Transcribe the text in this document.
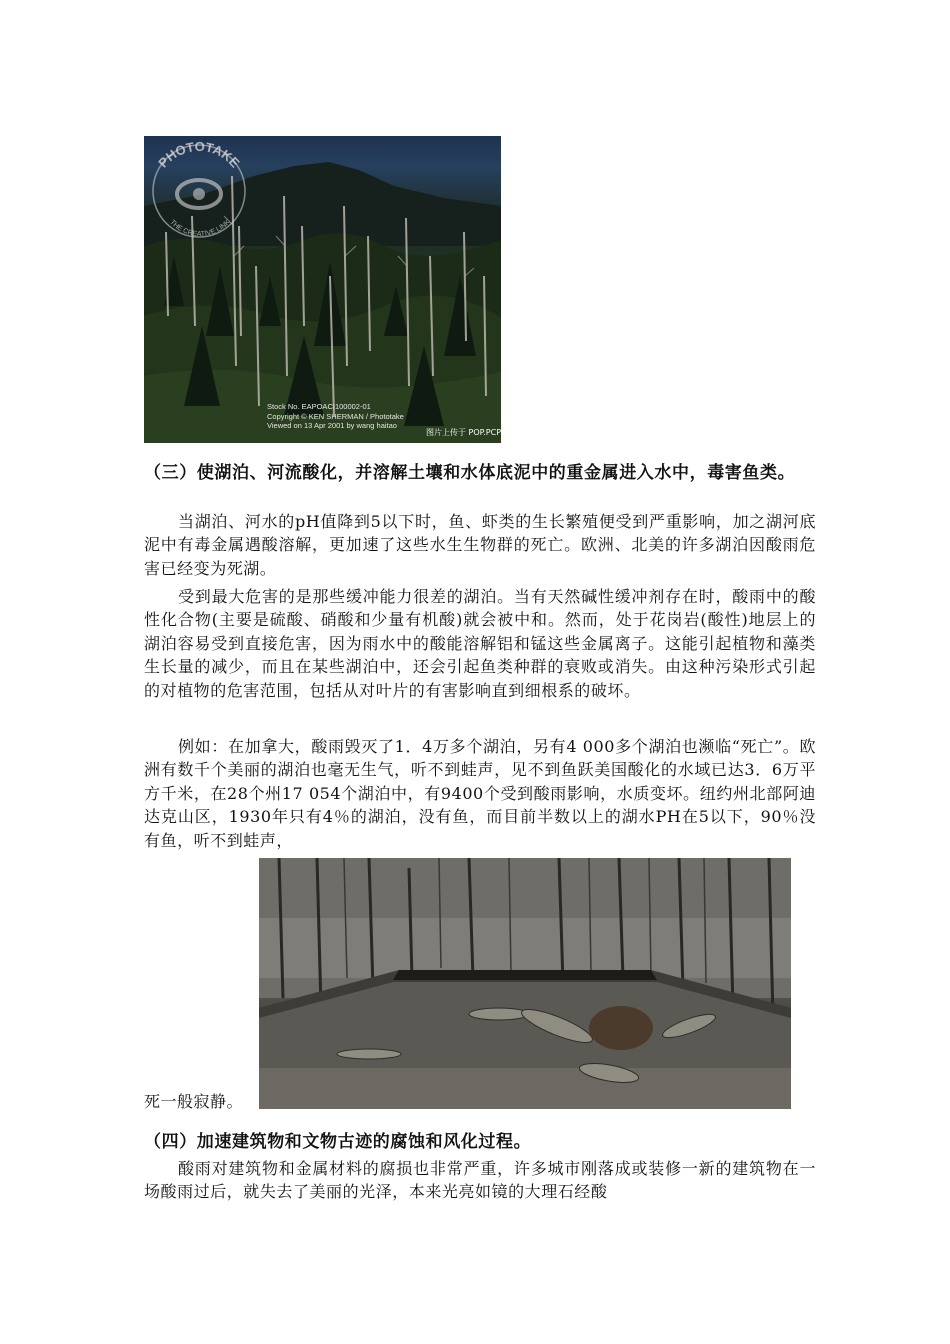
PHOTOTAKE
THE CREATIVE LINK
Stock No. EAPOACI100002-01
Copyright © KEN SHERMAN / Phototake
Viewed on 13 Apr 2001 by wang haitao
图片上传于 POP.PCPOP.COM

（三）使湖泊、河流酸化，并溶解土壤和水体底泥中的重金属进入水中，毒害鱼类。

当湖泊、河水的pH值降到5以下时，鱼、虾类的生长繁殖便受到严重影响，加之湖河底泥中有毒金属遇酸溶解，更加速了这些水生生物群的死亡。欧洲、北美的许多湖泊因酸雨危害已经变为死湖。

受到最大危害的是那些缓冲能力很差的湖泊。当有天然碱性缓冲剂存在时，酸雨中的酸性化合物(主要是硫酸、硝酸和少量有机酸)就会被中和。然而，处于花岗岩(酸性)地层上的湖泊容易受到直接危害，因为雨水中的酸能溶解铝和锰这些金属离子。这能引起植物和藻类生长量的减少，而且在某些湖泊中，还会引起鱼类种群的衰败或消失。由这种污染形式引起的对植物的危害范围，包括从对叶片的有害影响直到细根系的破坏。

例如：在加拿大，酸雨毁灭了1．4万多个湖泊，另有4 000多个湖泊也濒临“死亡”。欧洲有数千个美丽的湖泊也毫无生气，听不到蛙声，见不到鱼跃美国酸化的水域已达3．6万平方千米，在28个州17 054个湖泊中，有9400个受到酸雨影响，水质变坏。纽约州北部阿迪达克山区，1930年只有4％的湖泊，没有鱼，而目前半数以上的湖水PH在5以下，90％没有鱼，听不到蛙声，

死一般寂静。

（四）加速建筑物和文物古迹的腐蚀和风化过程。

酸雨对建筑物和金属材料的腐损也非常严重，许多城市刚落成或装修一新的建筑物在一场酸雨过后，就失去了美丽的光泽，本来光亮如镜的大理石经酸
